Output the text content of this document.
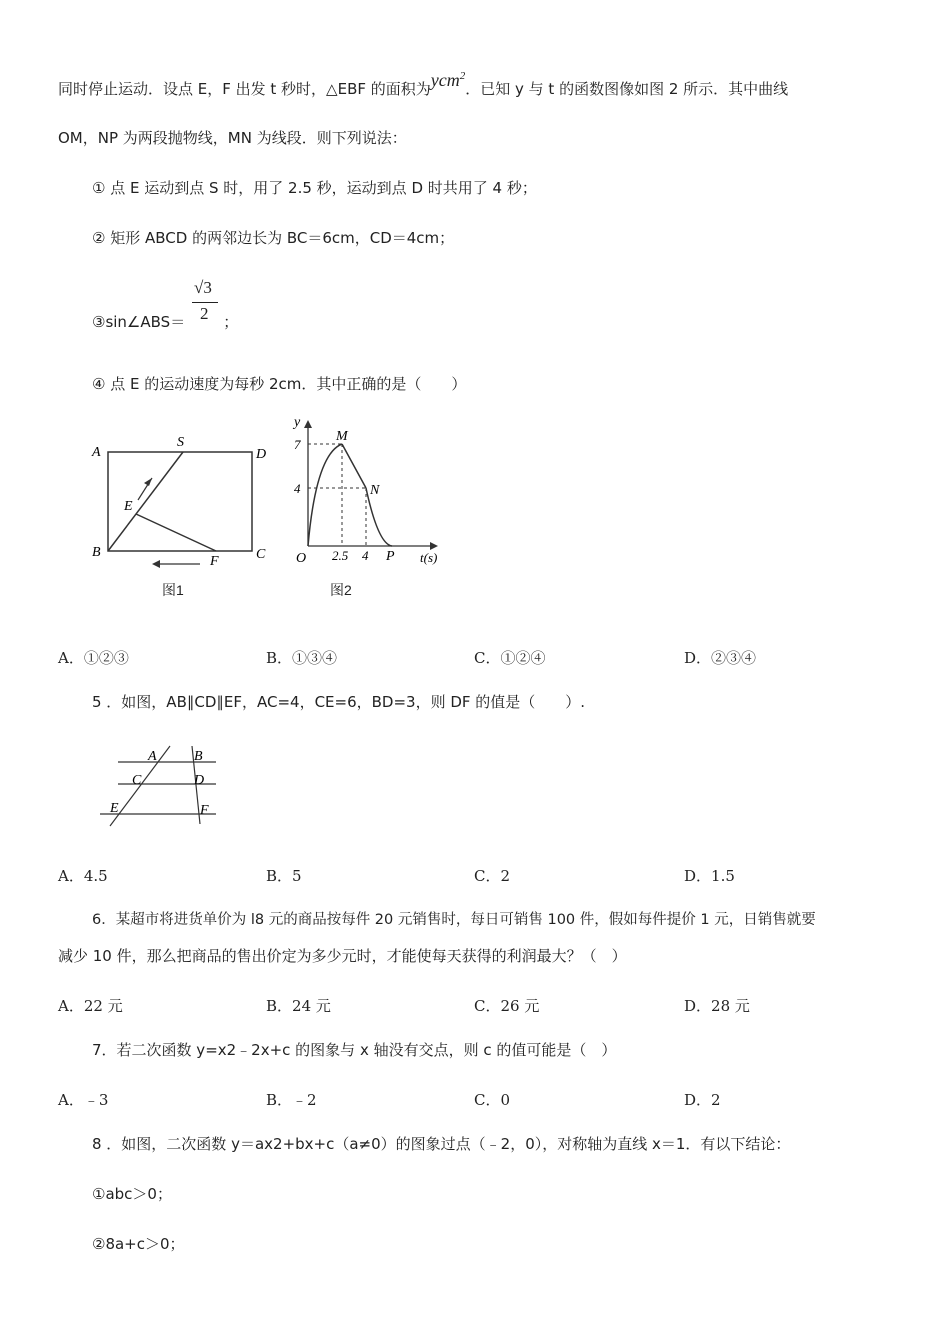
同时停止运动．设点 E，F 出发 t 秒时，△EBF 的面积为ycm$^2$．已知 y 与 t 的函数图像如图 2 所示．其中曲线
OM，NP 为两段抛物线，MN 为线段．则下列说法：
① 点 E 运动到点 S 时，用了 2.5 秒，运动到点 D 时共用了 4 秒；
② 矩形 ABCD 的两邻边长为 BC＝6cm，CD＝4cm；
③sin∠ABS＝	；
√3
2
④ 点 E 的运动速度为每秒 2cm．其中正确的是（　　）
A
S
D
E
B
F	C
图1
y
M
N
7
4
O 2.5 4 P t(s)
图2
A．①②③	B．①③④	C．①②④	D．②③④
5 ．如图，AB∥CD∥EF，AC=4，CE=6，BD=3，则 DF 的值是（　　）.
A	B
C	D
E	F
A．4.5	B．5	C．2	D．1.5
6．某超市将进货单价为 l8 元的商品按每件 20 元销售时，每日可销售 100 件，假如每件提价 1 元，日销售就要
减少 10 件，那么把商品的售出价定为多少元时，才能使每天获得的利润最大？（　）
A．22 元	B．24 元	C．26 元	D．28 元
7．若二次函数 y=x2﹣2x+c 的图象与 x 轴没有交点，则 c 的值可能是（　）
A．﹣3	B．﹣2	C．0	D．2
8 ．如图，二次函数 y＝ax2+bx+c（a≠0）的图象过点（﹣2，0），对称轴为直线 x＝1．有以下结论：
①abc＞0；
②8a+c＞0；
